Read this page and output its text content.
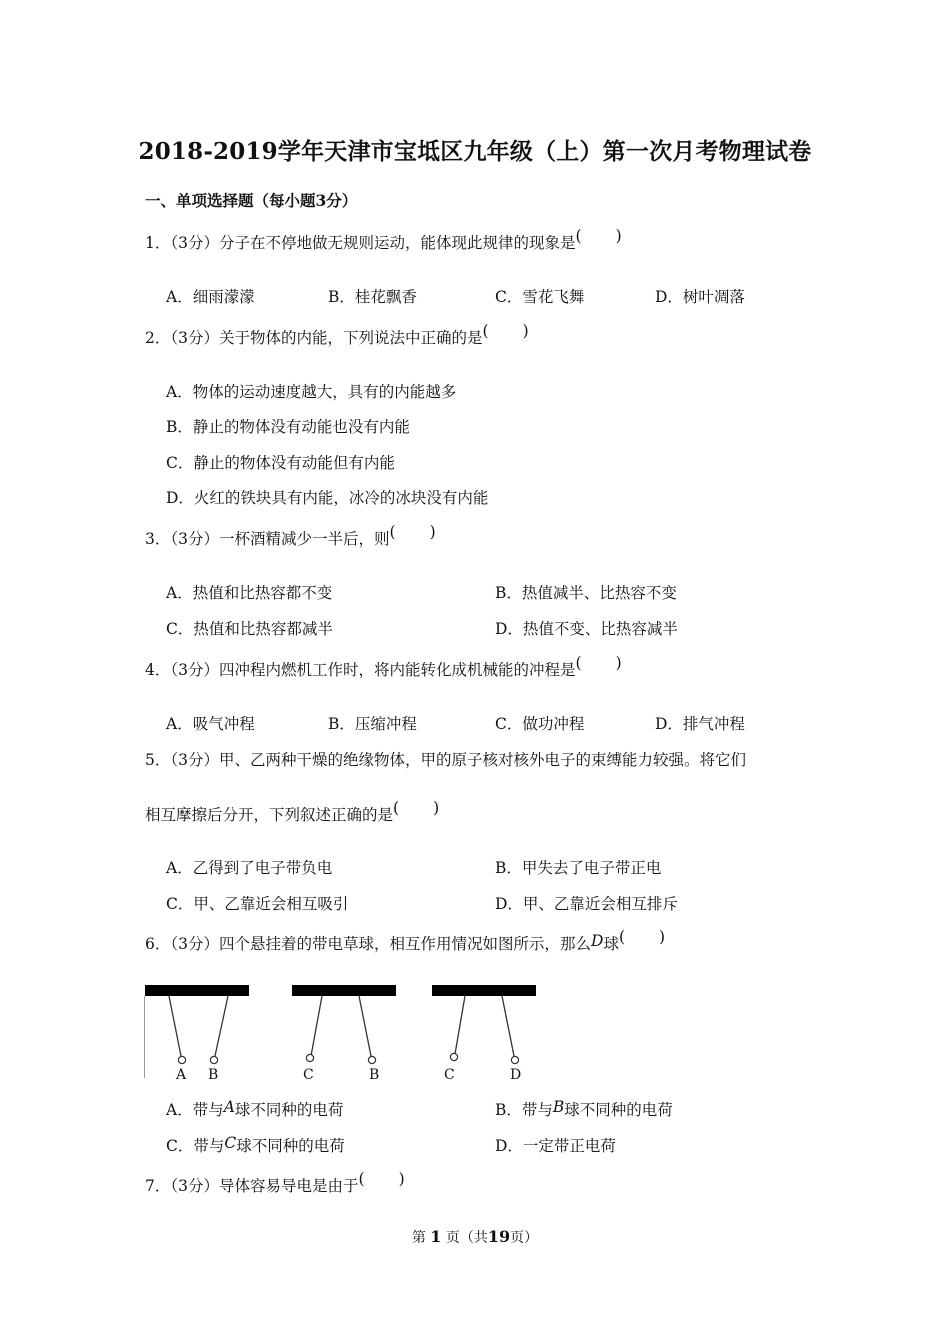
2018-2019学年天津市宝坻区九年级（上）第一次月考物理试卷
一、单项选择题（每小题3分）
1．（3分）分子在不停地做无规则运动，能体现此规律的现象是( )
A．细雨濛濛	B．桂花飘香	C．雪花飞舞	D．树叶凋落
2．（3分）关于物体的内能，下列说法中正确的是( )
A．物体的运动速度越大，具有的内能越多
B．静止的物体没有动能也没有内能
C．静止的物体没有动能但有内能
D．火红的铁块具有内能，冰冷的冰块没有内能
3．（3分）一杯酒精减少一半后，则( )
A．热值和比热容都不变	B．热值减半、比热容不变
C．热值和比热容都减半	D．热值不变、比热容减半
4．（3分）四冲程内燃机工作时，将内能转化成机械能的冲程是( )
A．吸气冲程	B．压缩冲程	C．做功冲程	D．排气冲程
5．（3分）甲、乙两种干燥的绝缘物体，甲的原子核对核外电子的束缚能力较强。将它们
相互摩擦后分开，下列叙述正确的是( )
A．乙得到了电子带负电	B．甲失去了电子带正电
C．甲、乙靠近会相互吸引	D．甲、乙靠近会相互排斥
6．（3分）四个悬挂着的带电草球，相互作用情况如图所示，那么D球( )
A B	C	B	C	D
A．带与A球不同种的电荷	B．带与B球不同种的电荷
C．带与C球不同种的电荷	D．一定带正电荷
7．（3分）导体容易导电是由于( )
第 1 页（共19页）
